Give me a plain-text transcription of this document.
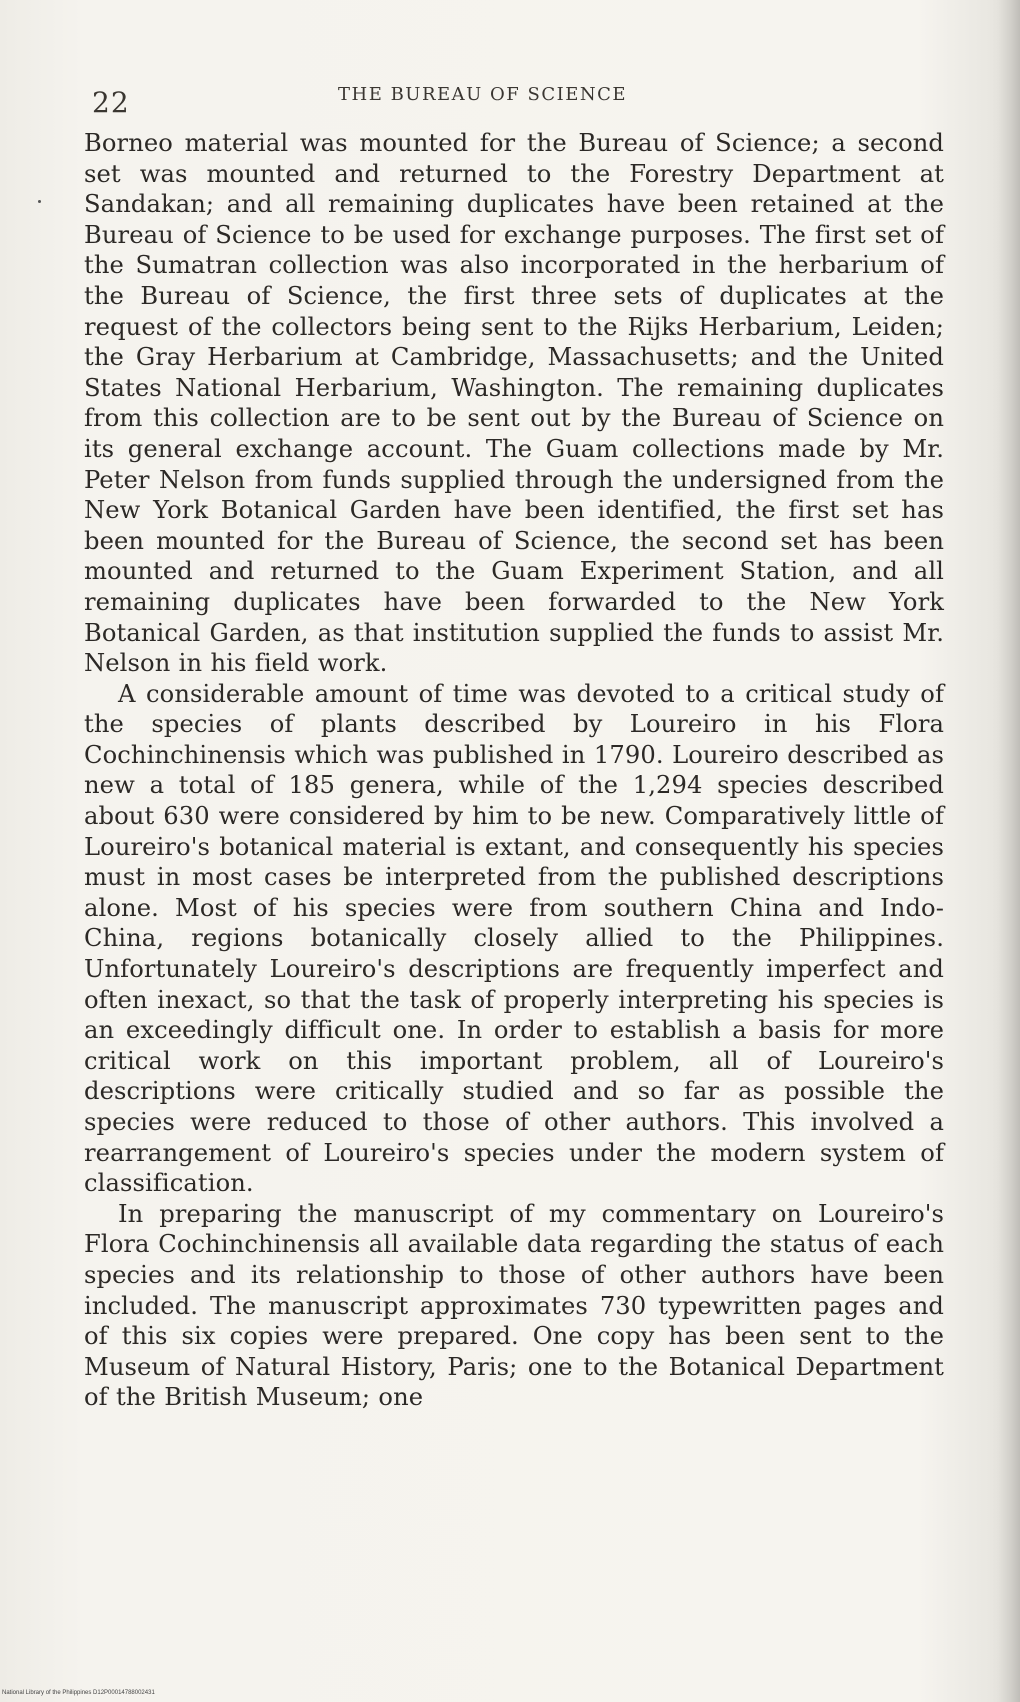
22	THE BUREAU OF SCIENCE

Borneo material was mounted for the Bureau of Science; a second set was mounted and returned to the Forestry Department at Sandakan; and all remaining duplicates have been retained at the Bureau of Science to be used for exchange purposes. The first set of the Sumatran collection was also incorporated in the herbarium of the Bureau of Science, the first three sets of duplicates at the request of the collectors being sent to the Rijks Herbarium, Leiden; the Gray Herbarium at Cambridge, Massachusetts; and the United States National Herbarium, Washington. The remaining duplicates from this collection are to be sent out by the Bureau of Science on its general exchange account. The Guam collections made by Mr. Peter Nelson from funds supplied through the undersigned from the New York Botanical Garden have been identified, the first set has been mounted for the Bureau of Science, the second set has been mounted and returned to the Guam Experiment Station, and all remaining duplicates have been forwarded to the New York Botanical Garden, as that institution supplied the funds to assist Mr. Nelson in his field work.

A considerable amount of time was devoted to a critical study of the species of plants described by Loureiro in his Flora Cochinchinensis which was published in 1790. Loureiro described as new a total of 185 genera, while of the 1,294 species described about 630 were considered by him to be new. Comparatively little of Loureiro's botanical material is extant, and consequently his species must in most cases be interpreted from the published descriptions alone. Most of his species were from southern China and Indo-China, regions botanically closely allied to the Philippines. Unfortunately Loureiro's descriptions are frequently imperfect and often inexact, so that the task of properly interpreting his species is an exceedingly difficult one. In order to establish a basis for more critical work on this important problem, all of Loureiro's descriptions were critically studied and so far as possible the species were reduced to those of other authors. This involved a rearrangement of Loureiro's species under the modern system of classification.

In preparing the manuscript of my commentary on Loureiro's Flora Cochinchinensis all available data regarding the status of each species and its relationship to those of other authors have been included. The manuscript approximates 730 typewritten pages and of this six copies were prepared. One copy has been sent to the Museum of Natural History, Paris; one to the Botanical Department of the British Museum; one

National Library of the Philippines D12P00014788002431
